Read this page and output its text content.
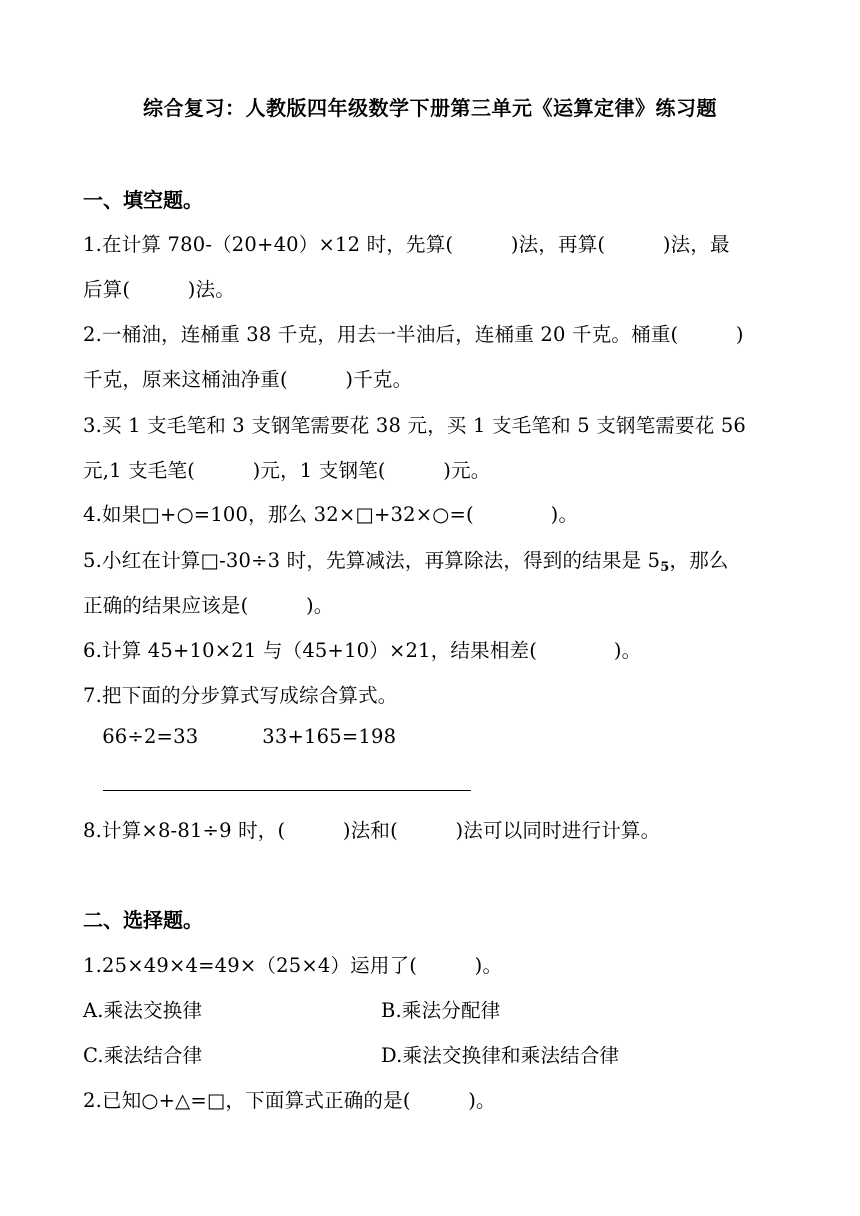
综合复习：人教版四年级数学下册第三单元《运算定律》练习题
一、填空题。
1.在计算 780-（20+40）×12 时，先算(         )法，再算(         )法，最
后算(         )法。
2.一桶油，连桶重 38 千克，用去一半油后，连桶重 20 千克。桶重(         )
千克，原来这桶油净重(         )千克。
3.买 1 支毛笔和 3 支钢笔需要花 38 元，买 1 支毛笔和 5 支钢笔需要花 56
元,1 支毛笔(         )元，1 支钢笔(         )元。
4.如果□+○=100，那么 32×□+32×○=(            )。
5.小红在计算□-30÷3 时，先算减法，再算除法，得到的结果是 $5_5$，那么
正确的结果应该是(         )。
6.计算 45+10×21 与（45+10）×21，结果相差(            )。
7.把下面的分步算式写成综合算式。
66÷2=33          33+165=198
8.计算×8-81÷9 时，(         )法和(         )法可以同时进行计算。
二、选择题。
1.25×49×4=49×（25×4）运用了(         )。
A.乘法交换律	B.乘法分配律
C.乘法结合律	D.乘法交换律和乘法结合律
2.已知○+△=□，下面算式正确的是(         )。
